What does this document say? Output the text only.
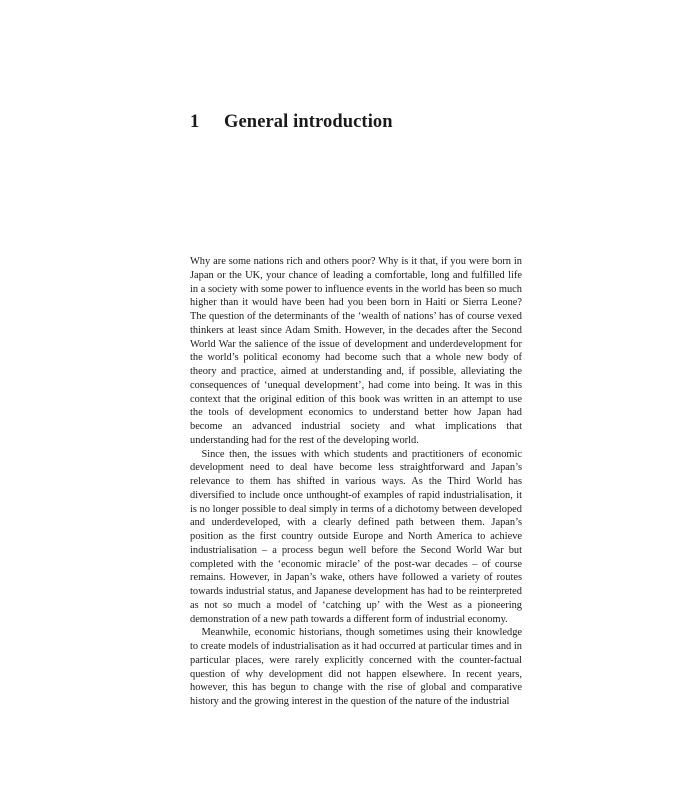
1 General introduction

Why are some nations rich and others poor? Why is it that, if you were born in Japan or the UK, your chance of leading a comfortable, long and fulfilled life in a society with some power to influence events in the world has been so much higher than it would have been had you been born in Haiti or Sierra Leone? The question of the determinants of the ‘wealth of nations’ has of course vexed thinkers at least since Adam Smith. However, in the decades after the Second World War the salience of the issue of development and underdevelopment for the world’s political economy had become such that a whole new body of theory and practice, aimed at understanding and, if possible, alleviating the consequences of ‘unequal development’, had come into being. It was in this context that the original edition of this book was written in an attempt to use the tools of development economics to understand better how Japan had become an advanced industrial society and what implications that understanding had for the rest of the developing world.

Since then, the issues with which students and practitioners of economic development need to deal have become less straightforward and Japan’s relevance to them has shifted in various ways. As the Third World has diversified to include once unthought-of examples of rapid industrialisation, it is no longer possible to deal simply in terms of a dichotomy between developed and underdeveloped, with a clearly defined path between them. Japan’s position as the first country outside Europe and North America to achieve industrialisation – a process begun well before the Second World War but completed with the ‘economic miracle’ of the post-war decades – of course remains. However, in Japan’s wake, others have followed a variety of routes towards industrial status, and Japanese development has had to be reinterpreted as not so much a model of ‘catching up’ with the West as a pioneering demonstration of a new path towards a different form of industrial economy.

Meanwhile, economic historians, though sometimes using their knowledge to create models of industrialisation as it had occurred at particular times and in particular places, were rarely explicitly concerned with the counter-factual question of why development did not happen elsewhere. In recent years, however, this has begun to change with the rise of global and comparative history and the growing interest in the question of the nature of the industrial
